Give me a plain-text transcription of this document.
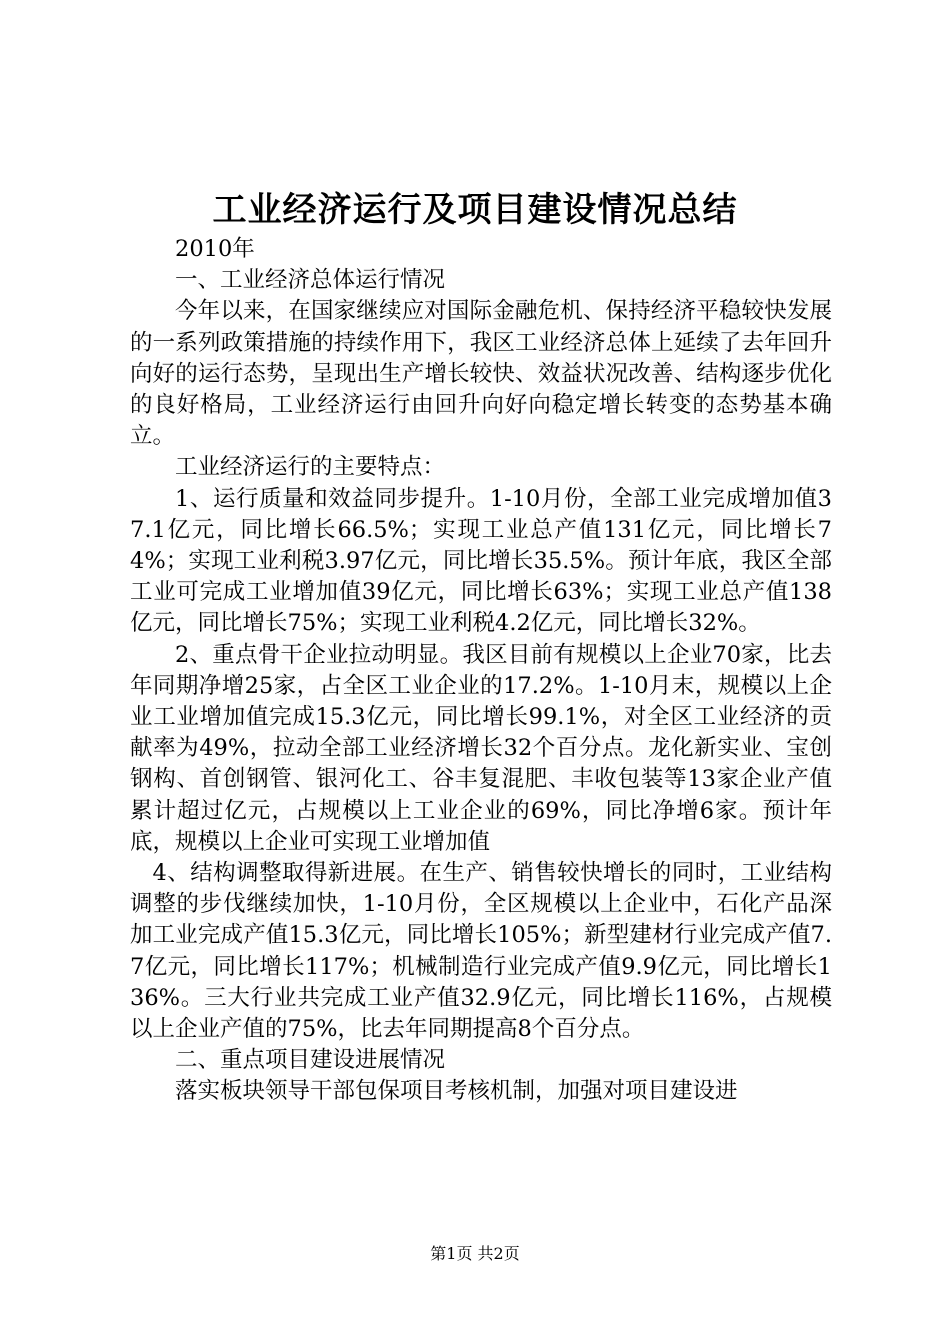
工业经济运行及项目建设情况总结

2010年

一、工业经济总体运行情况

今年以来，在国家继续应对国际金融危机、保持经济平稳较快发展的一系列政策措施的持续作用下，我区工业经济总体上延续了去年回升向好的运行态势，呈现出生产增长较快、效益状况改善、结构逐步优化的良好格局，工业经济运行由回升向好向稳定增长转变的态势基本确立。

工业经济运行的主要特点：

1、运行质量和效益同步提升。1-10月份，全部工业完成增加值37.1亿元，同比增长66.5%；实现工业总产值131亿元，同比增长74%；实现工业利税3.97亿元，同比增长35.5%。预计年底，我区全部工业可完成工业增加值39亿元，同比增长63%；实现工业总产值138亿元，同比增长75%；实现工业利税4.2亿元，同比增长32%。

2、重点骨干企业拉动明显。我区目前有规模以上企业70家，比去年同期净增25家，占全区工业企业的17.2%。1-10月末，规模以上企业工业增加值完成15.3亿元，同比增长99.1%，对全区工业经济的贡献率为49%，拉动全部工业经济增长32个百分点。龙化新实业、宝创钢构、首创钢管、银河化工、谷丰复混肥、丰收包装等13家企业产值累计超过亿元，占规模以上工业企业的69%，同比净增6家。预计年底，规模以上企业可实现工业增加值

4、结构调整取得新进展。在生产、销售较快增长的同时，工业结构调整的步伐继续加快，1-10月份，全区规模以上企业中，石化产品深加工业完成产值15.3亿元，同比增长105%；新型建材行业完成产值7.7亿元，同比增长117%；机械制造行业完成产值9.9亿元，同比增长136%。三大行业共完成工业产值32.9亿元，同比增长116%，占规模以上企业产值的75%，比去年同期提高8个百分点。

二、重点项目建设进展情况

落实板块领导干部包保项目考核机制，加强对项目建设进

第1页 共2页
